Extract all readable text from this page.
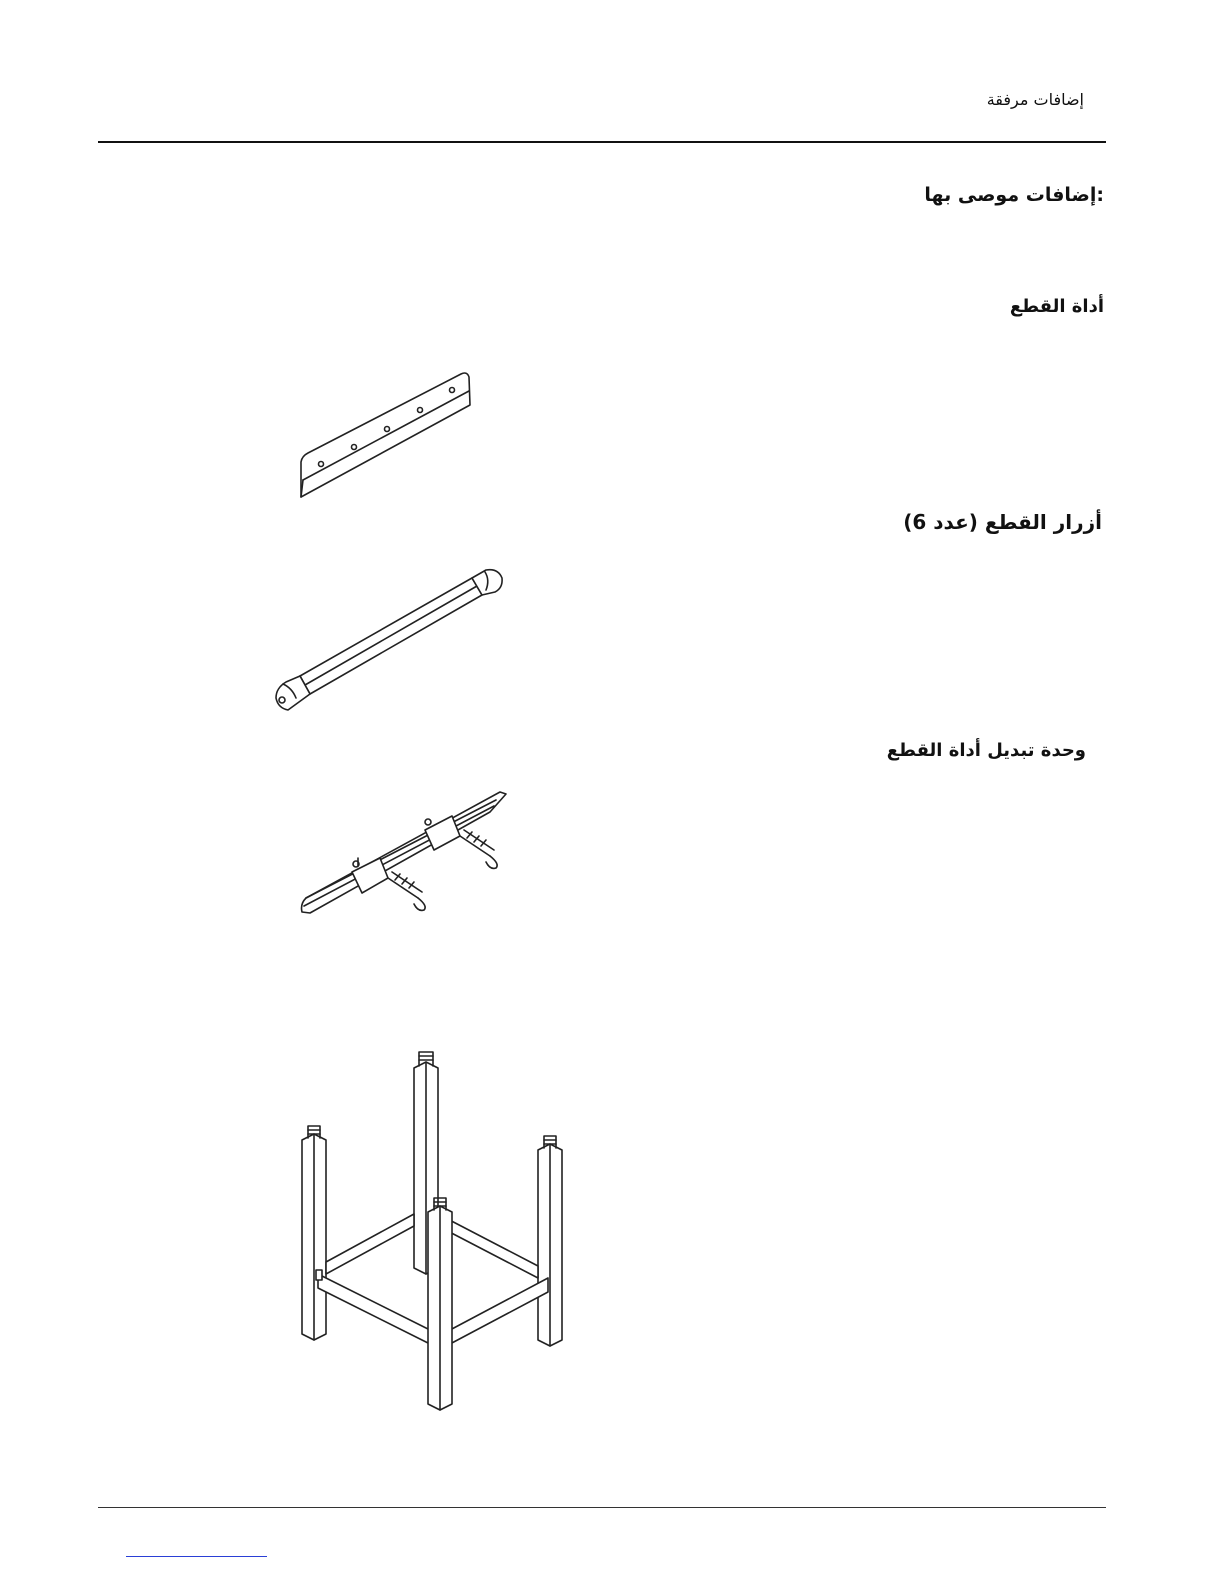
إضافات مرفقة
:إضافات موصى بها
أداة القطع
أزرار القطع (عدد 6)
وحدة تبديل أداة القطع
